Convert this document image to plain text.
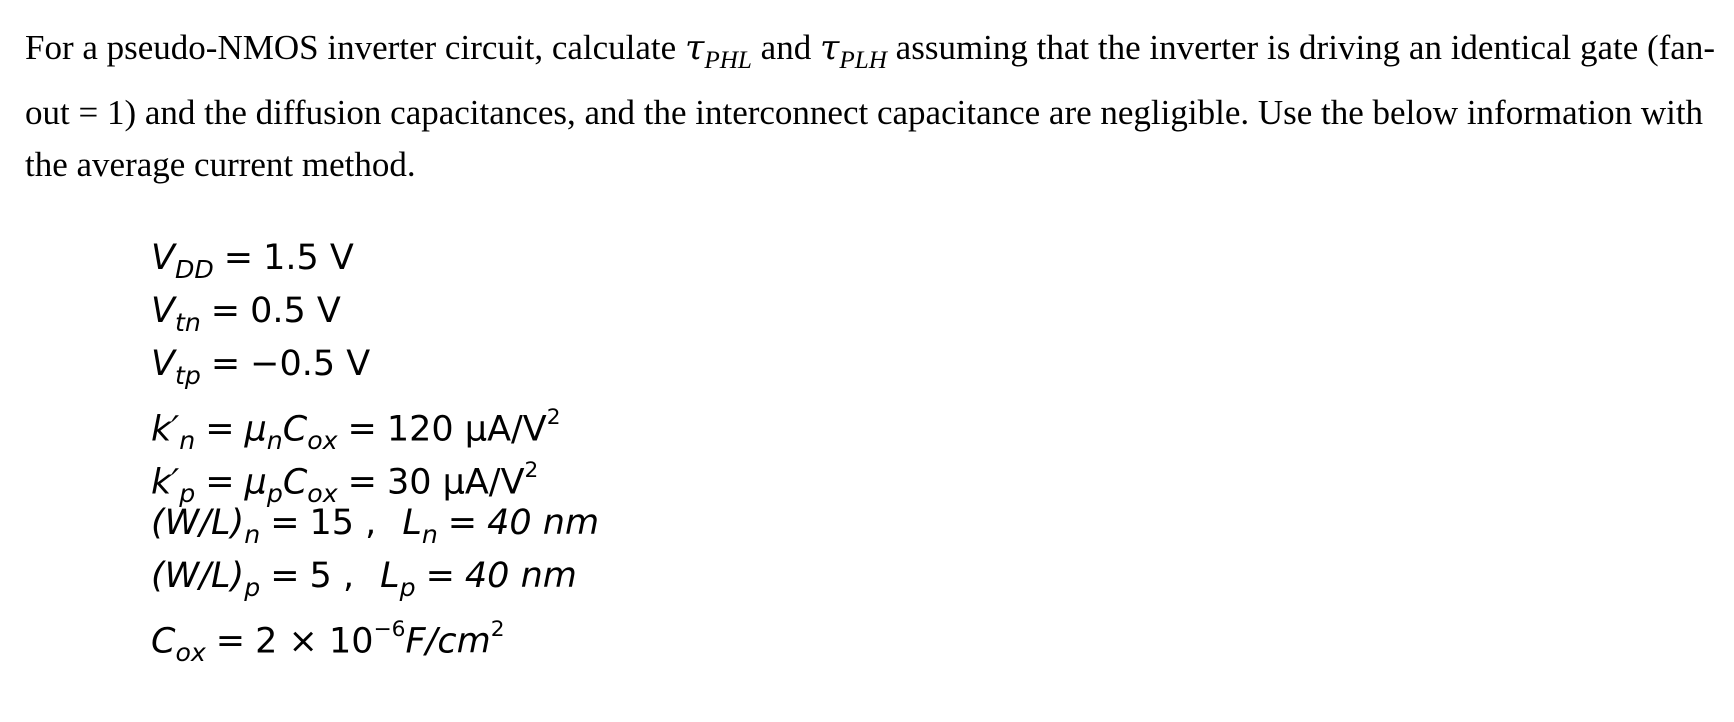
For a pseudo-NMOS inverter circuit, calculate $\tau_{PHL}$ and $\tau_{PLH}$ assuming that the inverter is driving an identical gate (fan-out = 1) and the diffusion capacitances, and the interconnect capacitance are negligible. Use the below information with the average current method.
$V_{DD} = 1.5$ V
$V_{tn} = 0.5$ V
$V_{tp} = -0.5$ V
$k'_n = \mu_nC_{ox} = 120$ $\mu A/V^2$
$k'_p = \mu_pC_{ox} = 30$ $\mu A/V^2$
$(W/L)_n = 15$ , $L_n = 40$ nm
$(W/L)_p = 5$ , $L_p = 40$ nm
$C_{ox} = 2 \times 10^{-6}F/cm^2$
